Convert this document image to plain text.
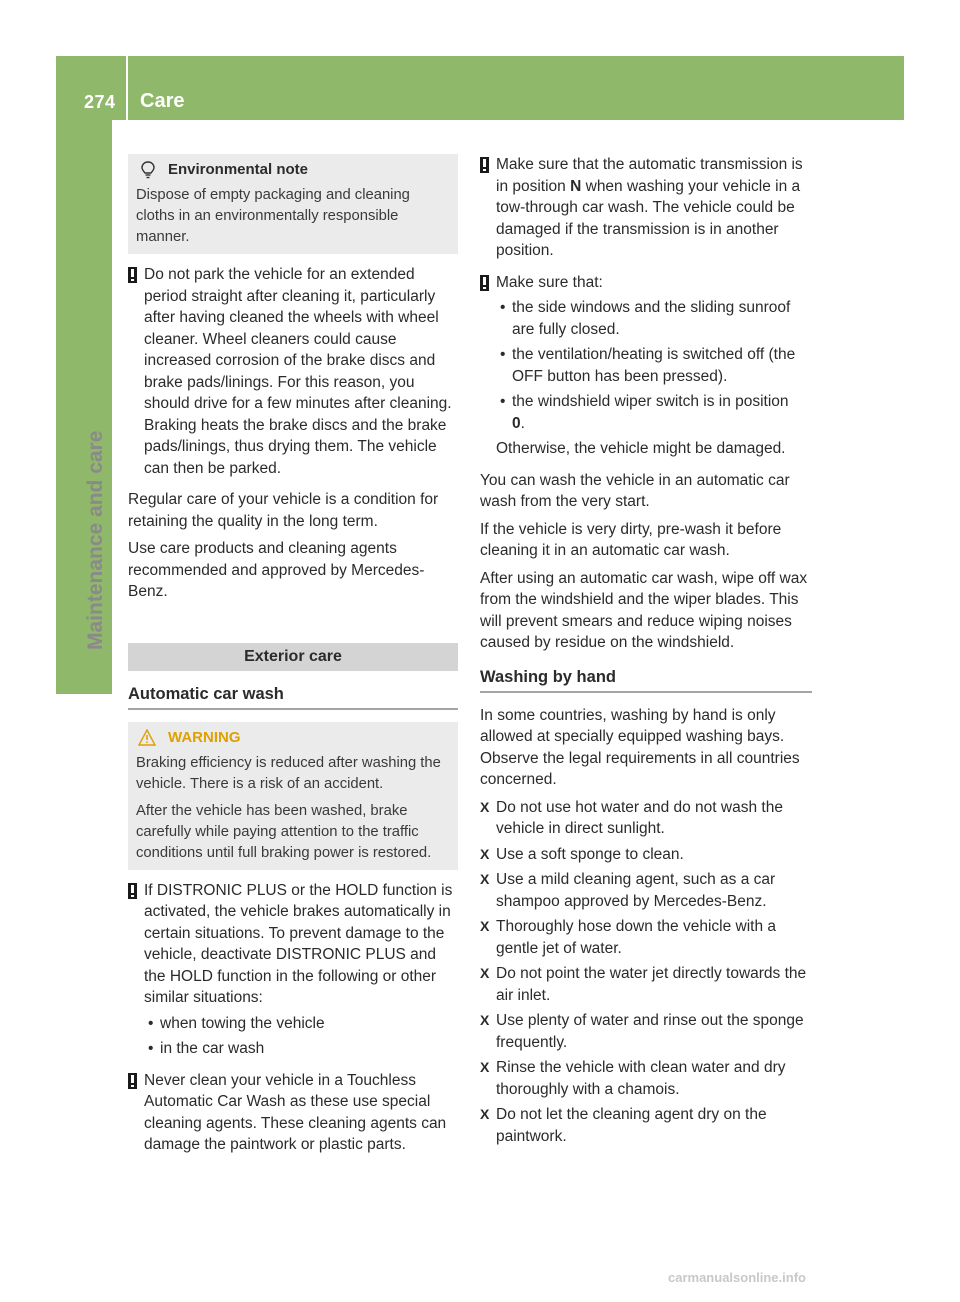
274 Care
Maintenance and care
Environmental note

Dispose of empty packaging and cleaning cloths in an environmentally responsible manner.

Do not park the vehicle for an extended period straight after cleaning it, particularly after having cleaned the wheels with wheel cleaner. Wheel cleaners could cause increased corrosion of the brake discs and brake pads/linings. For this reason, you should drive for a few minutes after cleaning. Braking heats the brake discs and the brake pads/linings, thus drying them. The vehicle can then be parked.

Regular care of your vehicle is a condition for retaining the quality in the long term.

Use care products and cleaning agents recommended and approved by Mercedes-Benz.

Exterior care
Automatic car wash
WARNING

Braking efficiency is reduced after washing the vehicle. There is a risk of an accident.

After the vehicle has been washed, brake carefully while paying attention to the traffic conditions until full braking power is restored.

If DISTRONIC PLUS or the HOLD function is activated, the vehicle brakes automatically in certain situations. To prevent damage to the vehicle, deactivate DISTRONIC PLUS and the HOLD function in the following or other similar situations:

• when towing the vehicle
• in the car wash

Never clean your vehicle in a Touchless Automatic Car Wash as these use special cleaning agents. These cleaning agents can damage the paintwork or plastic parts.

Make sure that the automatic transmission is in position N when washing your vehicle in a tow-through car wash. The vehicle could be damaged if the transmission is in another position.

Make sure that:

• the side windows and the sliding sunroof are fully closed.
• the ventilation/heating is switched off (the OFF button has been pressed).
• the windshield wiper switch is in position
0.

Otherwise, the vehicle might be damaged.

You can wash the vehicle in an automatic car wash from the very start.

If the vehicle is very dirty, pre-wash it before cleaning it in an automatic car wash.

After using an automatic car wash, wipe off wax from the windshield and the wiper blades. This will prevent smears and reduce wiping noises caused by residue on the windshield.

Washing by hand

In some countries, washing by hand is only allowed at specially equipped washing bays. Observe the legal requirements in all countries concerned.

X Do not use hot water and do not wash the vehicle in direct sunlight.
X Use a soft sponge to clean.
X Use a mild cleaning agent, such as a car shampoo approved by Mercedes-Benz.
X Thoroughly hose down the vehicle with a gentle jet of water.
X Do not point the water jet directly towards the air inlet.
X Use plenty of water and rinse out the sponge frequently.
X Rinse the vehicle with clean water and dry thoroughly with a chamois.
X Do not let the cleaning agent dry on the paintwork.
carmanualsonline.info
